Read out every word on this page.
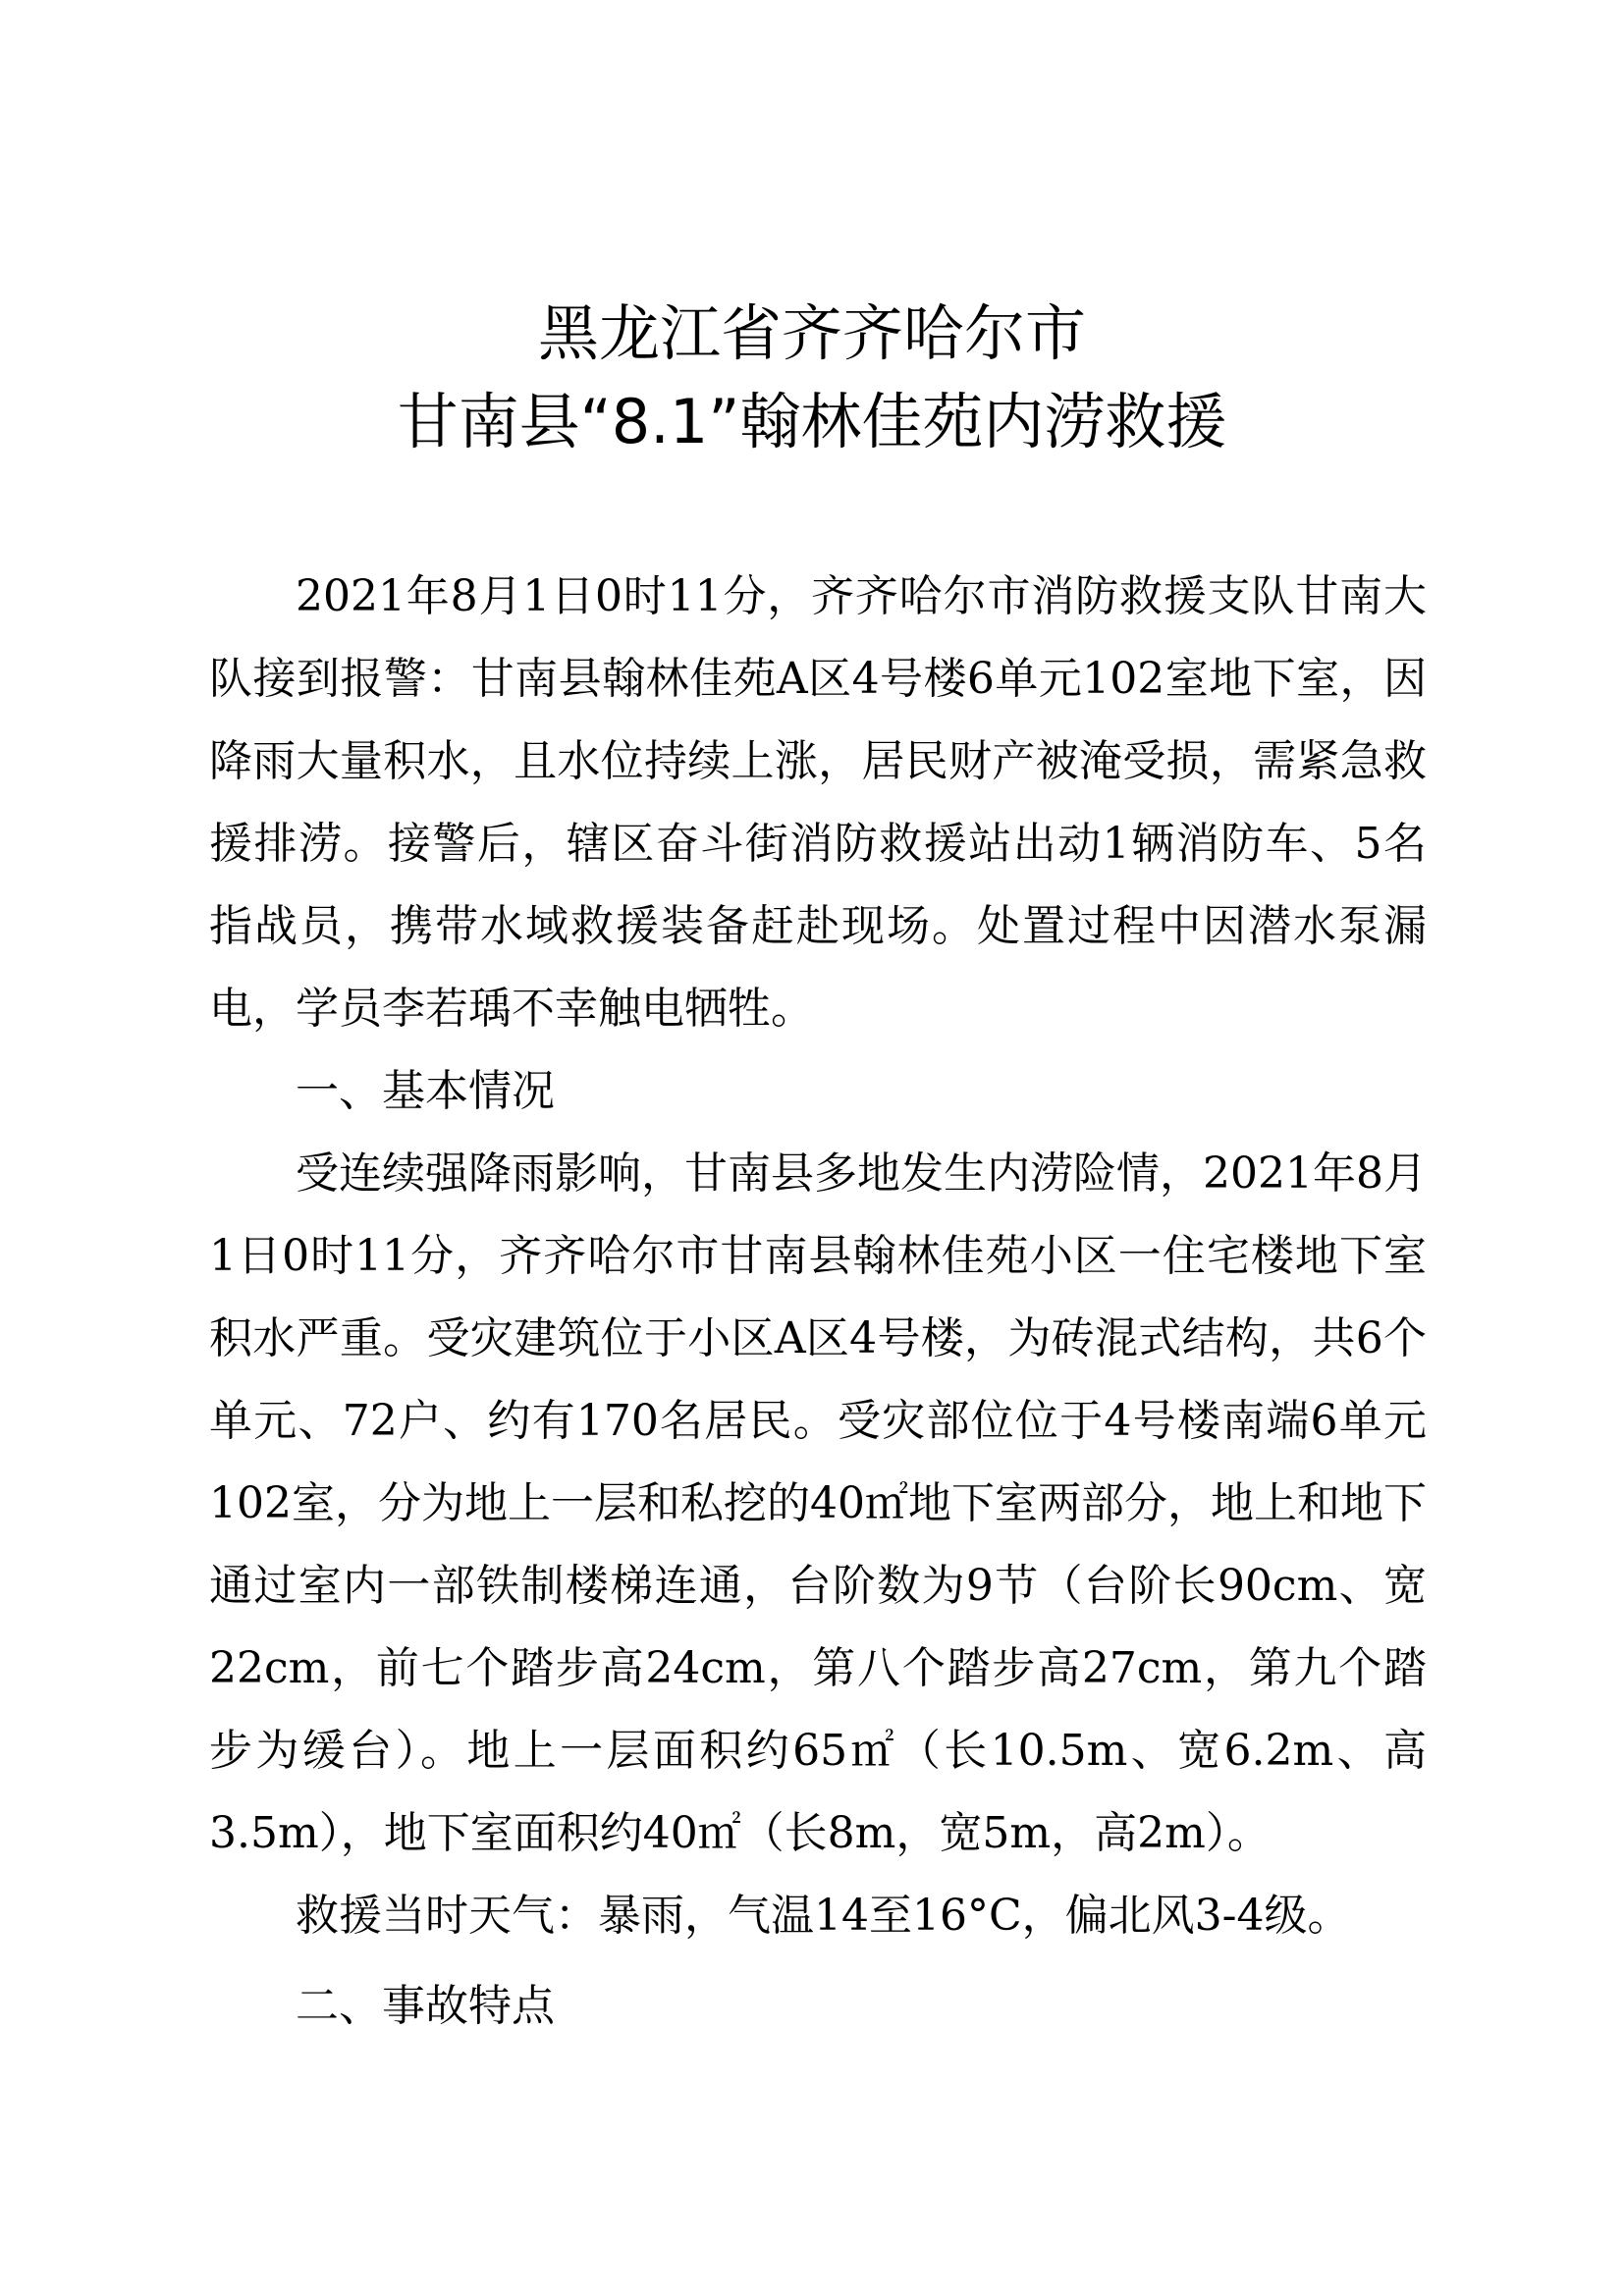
黑龙江省齐齐哈尔市
甘南县“8.1”翰林佳苑内涝救援

2021年8月1日0时11分，齐齐哈尔市消防救援支队甘南大队接到报警：甘南县翰林佳苑A区4号楼6单元102室地下室，因降雨大量积水，且水位持续上涨，居民财产被淹受损，需紧急救援排涝。接警后，辖区奋斗街消防救援站出动1辆消防车、5名指战员，携带水域救援装备赶赴现场。处置过程中因潜水泵漏电，学员李若瑀不幸触电牺牲。

一、基本情况

受连续强降雨影响，甘南县多地发生内涝险情，2021年8月1日0时11分，齐齐哈尔市甘南县翰林佳苑小区一住宅楼地下室积水严重。受灾建筑位于小区A区4号楼，为砖混式结构，共6个单元、72户、约有170名居民。受灾部位位于4号楼南端6单元102室，分为地上一层和私挖的40㎡地下室两部分，地上和地下通过室内一部铁制楼梯连通，台阶数为9节（台阶长90cm、宽22cm，前七个踏步高24cm，第八个踏步高27cm，第九个踏步为缓台）。地上一层面积约65㎡（长10.5m、宽6.2m、高3.5m），地下室面积约40㎡（长8m，宽5m，高2m）。

救援当时天气：暴雨，气温14至16°C，偏北风3-4级。

二、事故特点
